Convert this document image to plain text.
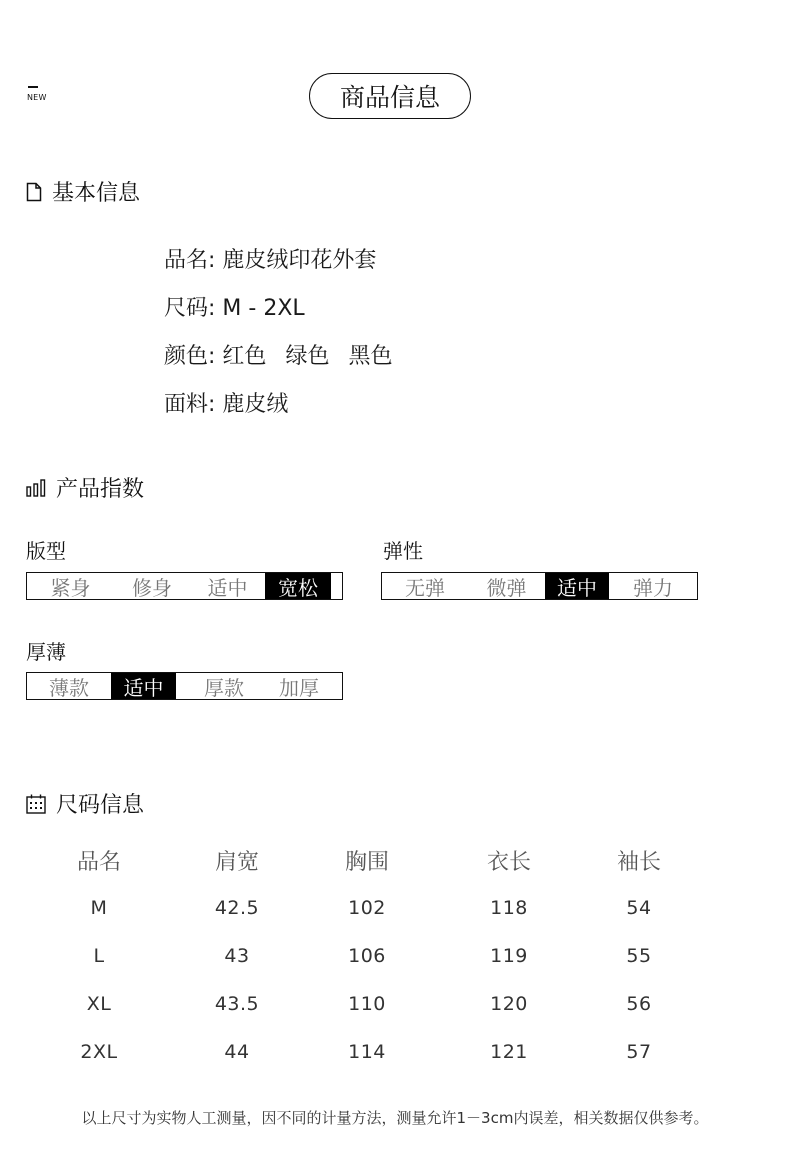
NEW	商品信息
基本信息
品名: 鹿皮绒印花外套
尺码: M - 2XL
颜色: 红色 绿色 黑色
面料: 鹿皮绒
产品指数
版型
紧身	修身	适中	宽松
弹性
无弹	微弹	适中	弹力
厚薄
薄款	适中	厚款	加厚
尺码信息
品名	肩宽	胸围	衣长	袖长
M	42.5	102	118	54
L	43	106	119	55
XL	43.5	110	120	56
2XL	44	114	121	57
以上尺寸为实物人工测量，因不同的计量方法，测量允许1－3cm内误差，相关数据仅供参考。
